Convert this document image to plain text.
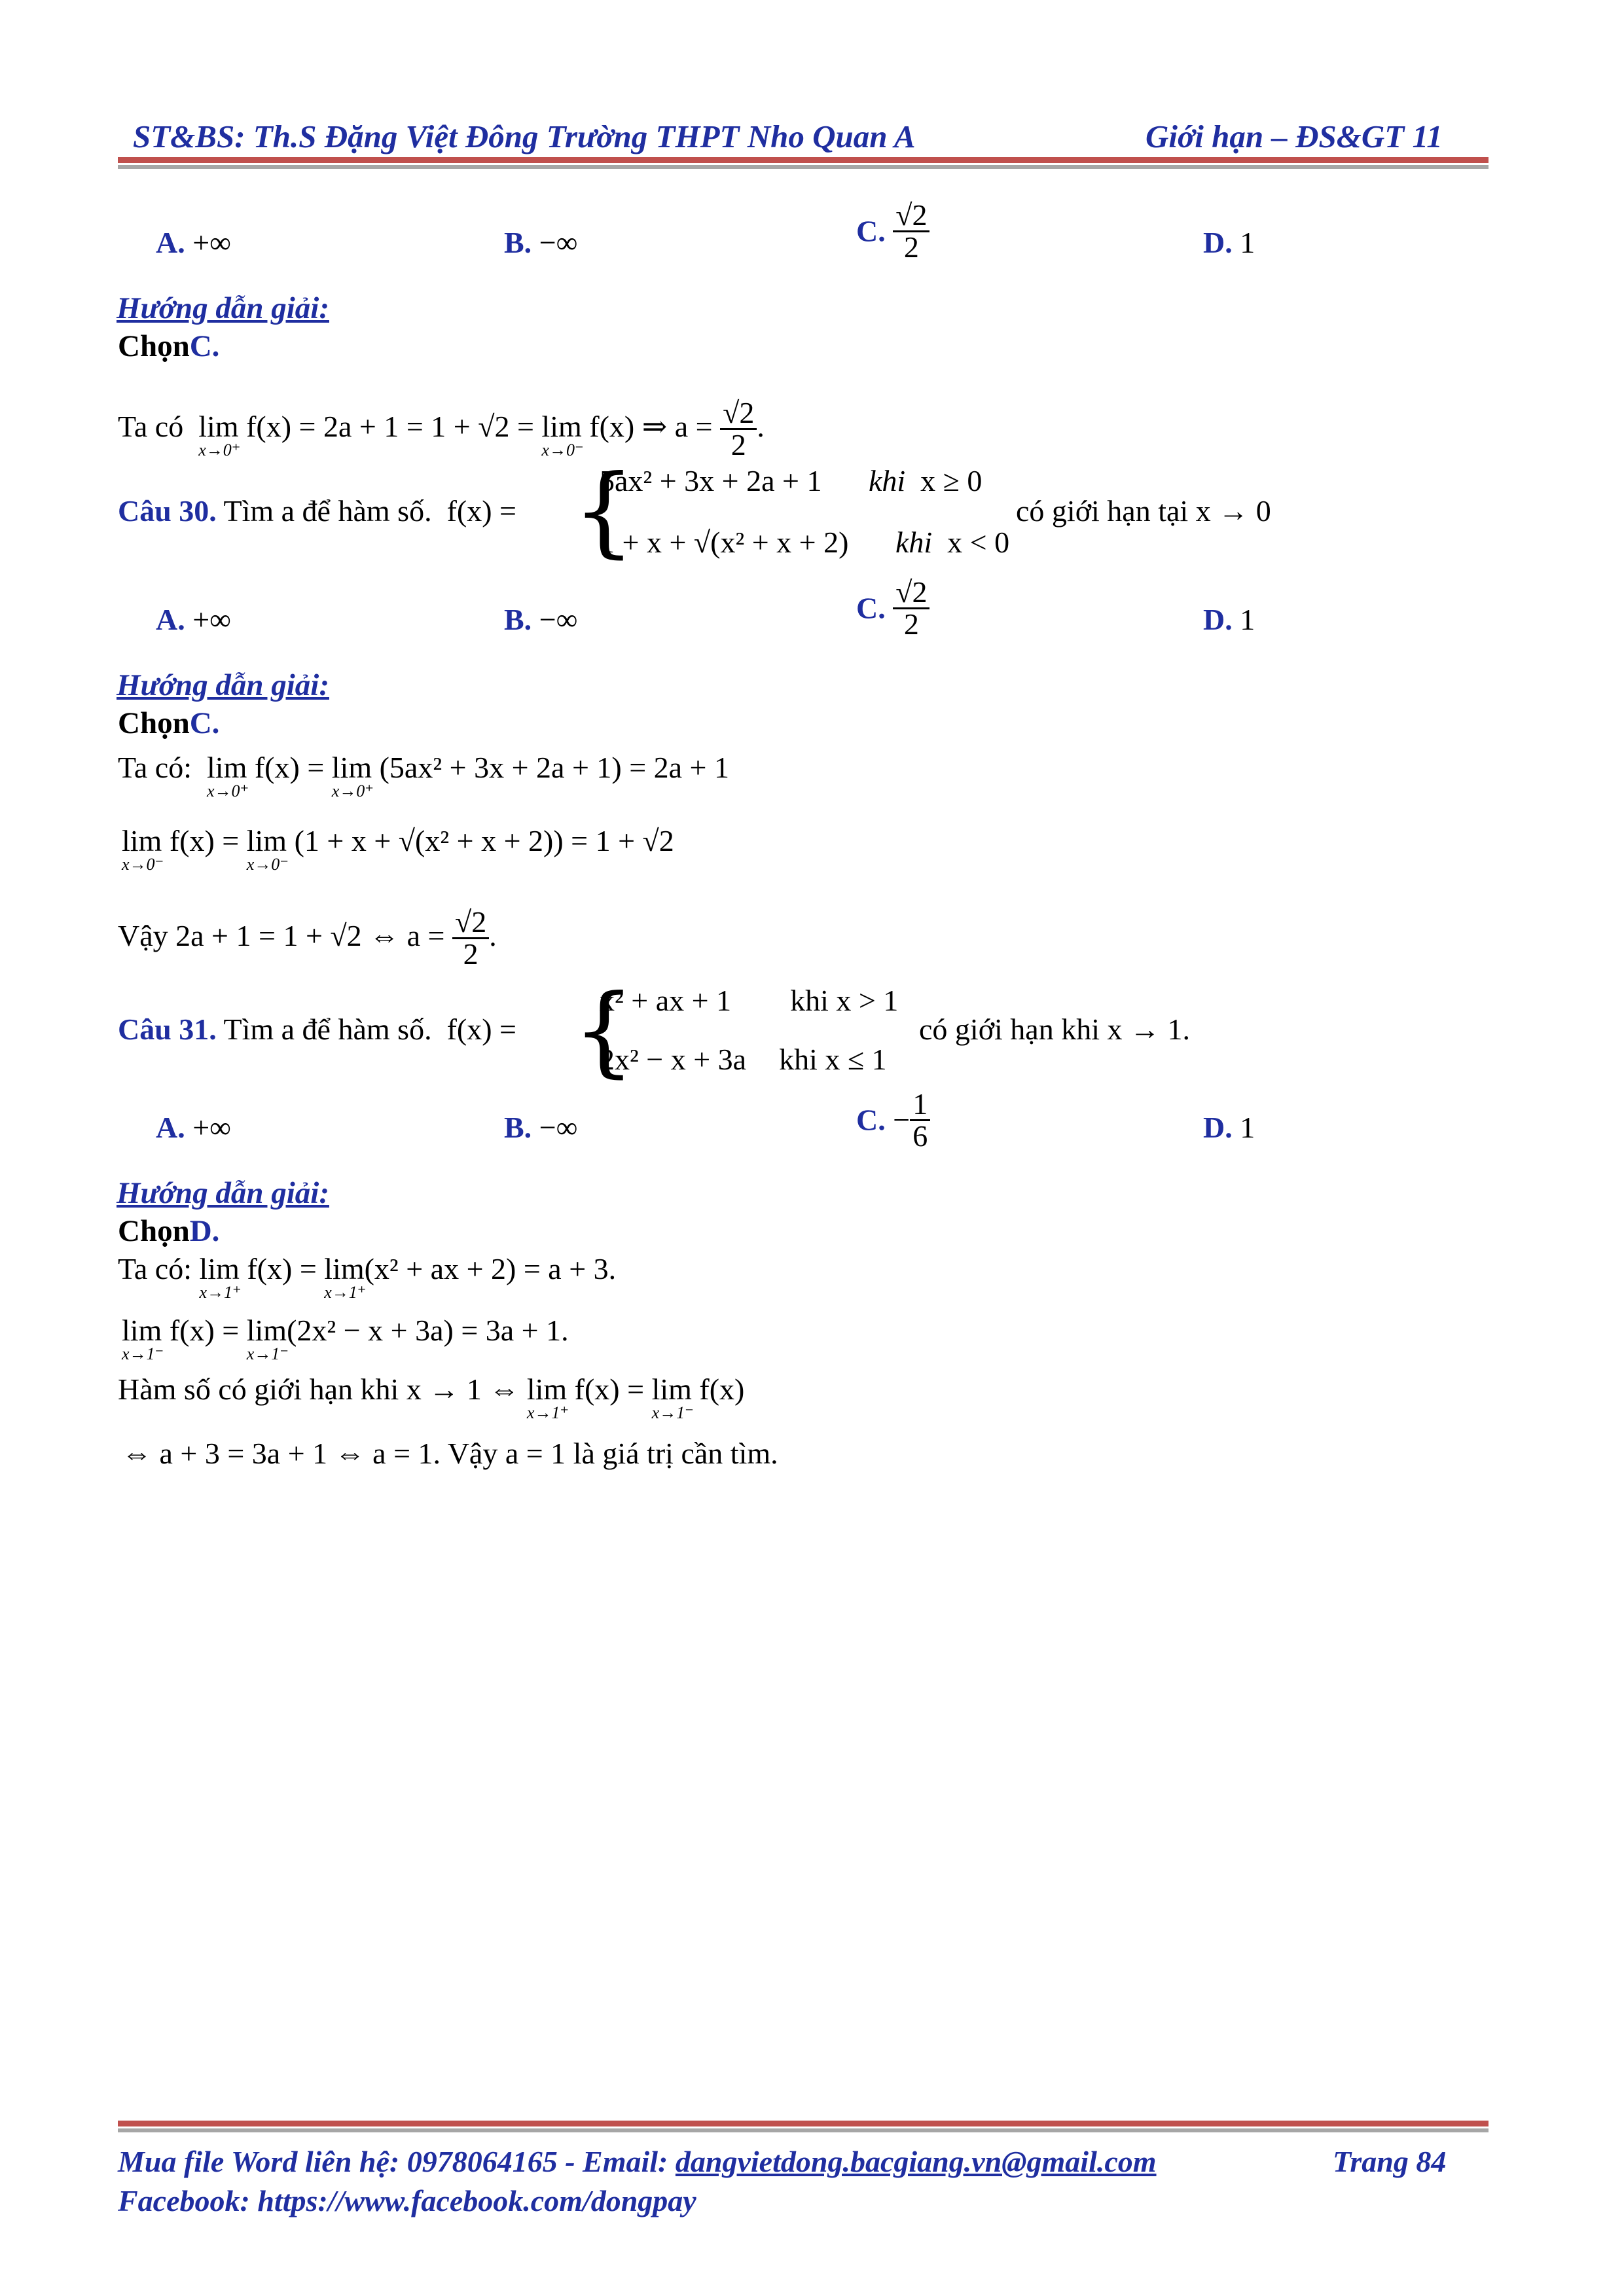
ST&BS: Th.S Đặng Việt Đông Trường THPT Nho Quan A	Giới hạn – ĐS&GT 11
A. +∞	B. −∞	C. $\frac{√2}{2}$	D. 1
Hướng dẫn giải:
ChọnC.
Ta có lim
x→0⁺
f(x) = 2a + 1 = 1 + √2 = lim
x→0⁻
f(x) ⇒ $a = \frac{√2}{2}$ .
Câu 30. Tìm a để hàm số. f(x) = {
5ax² + 3x + 2a + 1 khi x ≥ 0
1 + x + √(x² + x + 2) khi x < 0
có giới hạn tại x → 0
A. +∞	B. −∞	C. $\frac{√2}{2}$	D. 1
Hướng dẫn giải:
ChọnC.
Ta có: lim
x→0⁺
f(x) = lim
x→0⁺
(5ax² + 3x + 2a + 1) = 2a + 1
lim
x→0⁻
f(x) = lim
x→0⁻
(1 + x + √(x² + x + 2)) = 1 + √2
Vậy 2a + 1 = 1 + √2 ⇔ $a = \frac{√2}{2}$ .
Câu 31. Tìm a để hàm số. f(x) = {
x² + ax + 1 khi x > 1
2x² − x + 3a khi x ≤ 1
có giới hạn khi x → 1.
A. +∞	B. −∞	C. − $\frac{1}{6}$	D. 1
Hướng dẫn giải:
ChọnD.
Ta có: lim
x→1⁺
f(x) = lim
x→1⁺
(x² + ax + 2) = a + 3.
lim
x→1⁻
f(x) = lim
x→1⁻
(2x² − x + 3a) = 3a + 1.
Hàm số có giới hạn khi x → 1 ⇔ lim
x→1⁺
f(x) = lim
x→1⁻
f(x)
⇔ a + 3 = 3a + 1 ⇔ a = 1. Vậy a = 1 là giá trị cần tìm.
Mua file Word liên hệ: 0978064165 - Email: dangvietdong.bacgiang.vn@gmail.com	Trang 84
Facebook: https://www.facebook.com/dongpay
